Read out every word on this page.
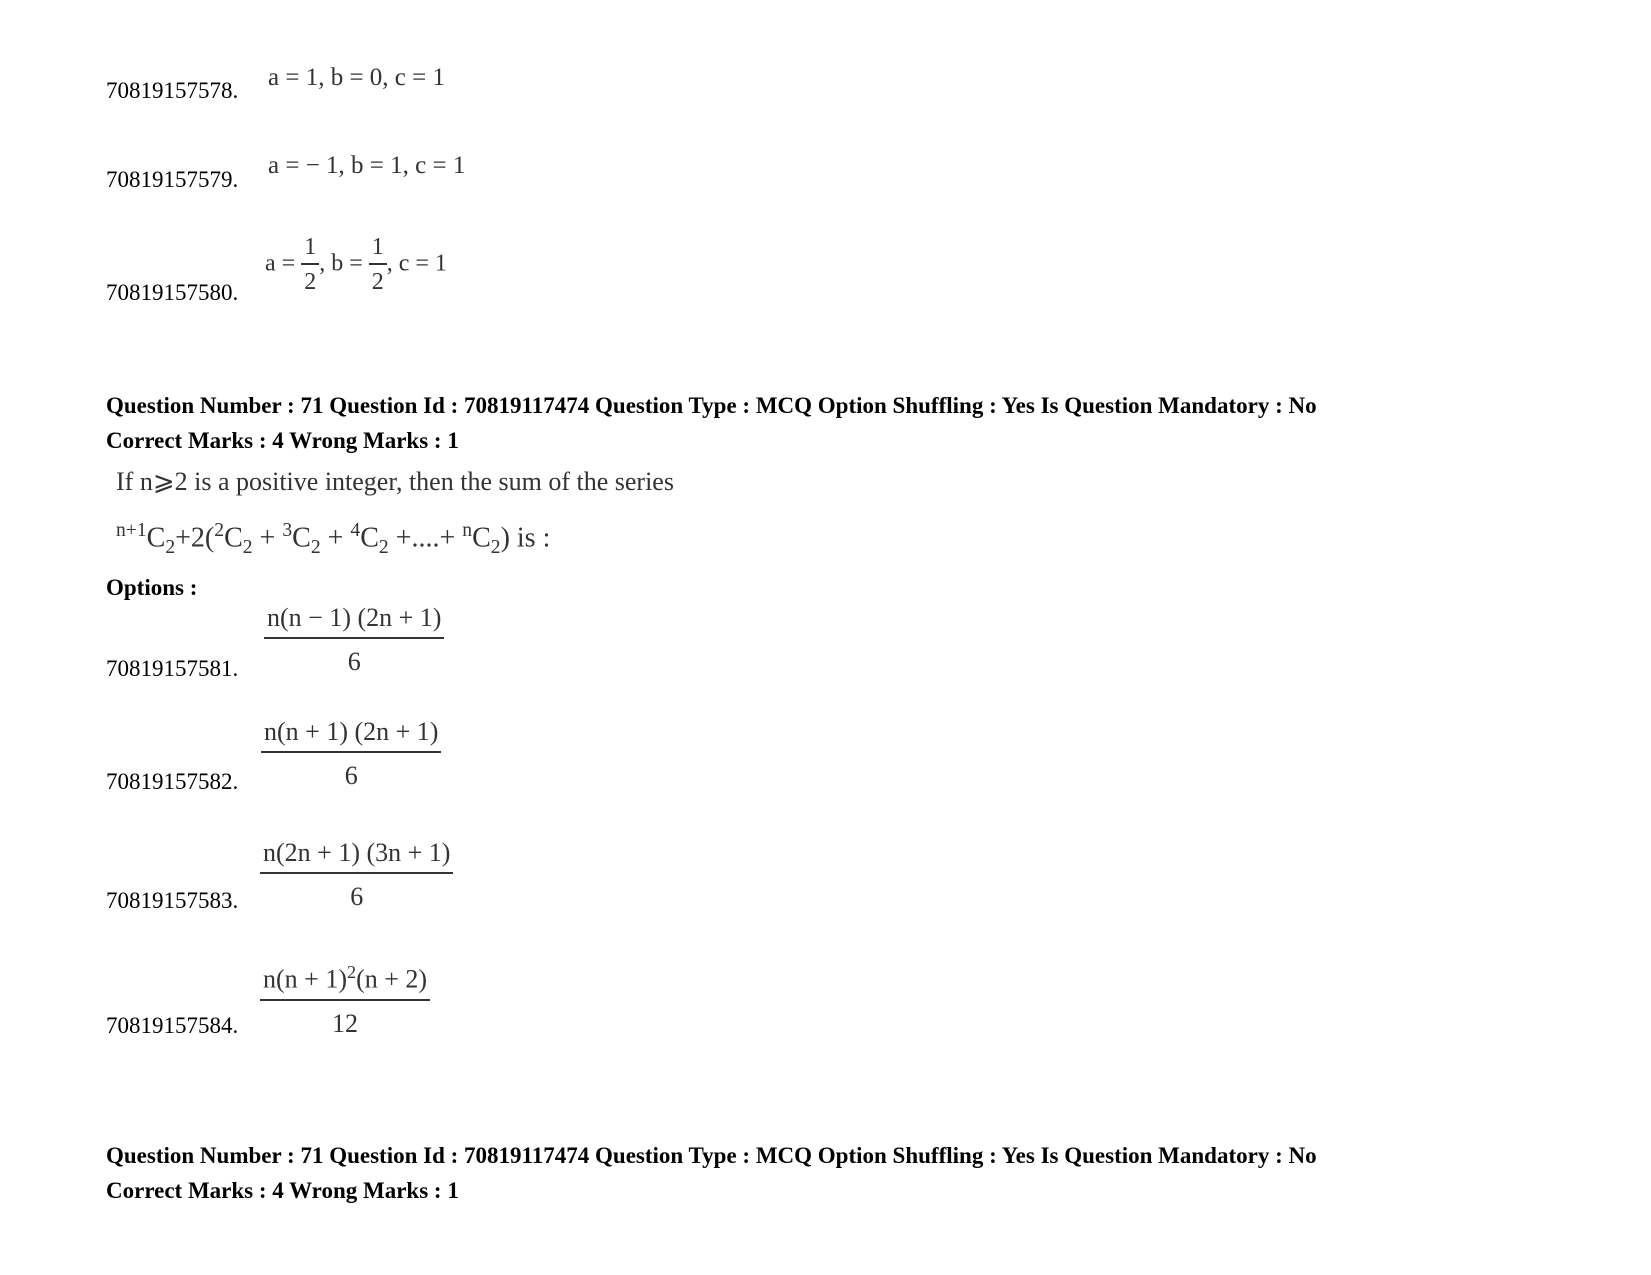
70819157578. a = 1, b = 0, c = 1
70819157579.
a = − 1, b = 1, c = 1
70819157580.
$a = \frac{1}{2}$ , $b = \frac{1}{2}$ , c = 1
Question Number : 71 Question Id : 70819117474 Question Type : MCQ Option Shuffling : Yes Is Question Mandatory : No
Correct Marks : 4 Wrong Marks : 1
If n⩾2 is a positive integer, then the sum of the series
$^{n+1}C_2+2(^2C_2 + ^3C_2 + ^4C_2$ +....+ $^nC_2$) is :
Options :
70819157581. $\frac{n(n - 1) (2n + 1)}{6}$
70819157582. $\frac{n(n + 1) (2n + 1)}{6}$
70819157583. $\frac{n(2n + 1) (3n + 1)}{6}$
70819157584. $\frac{n(n + 1)^2(n + 2)}{12}$
Question Number : 71 Question Id : 70819117474 Question Type : MCQ Option Shuffling : Yes Is Question Mandatory : No
Correct Marks : 4 Wrong Marks : 1
